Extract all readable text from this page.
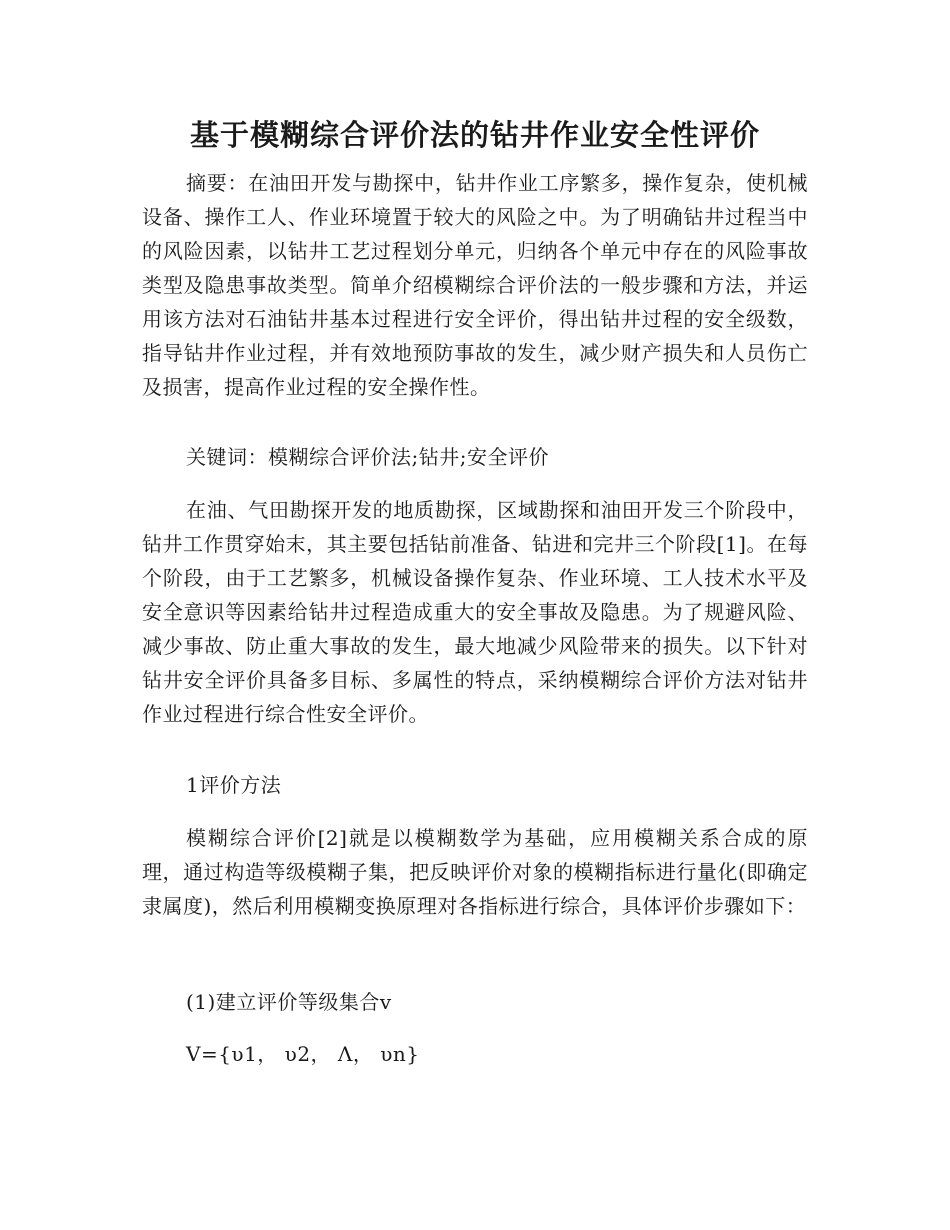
基于模糊综合评价法的钻井作业安全性评价

摘要：在油田开发与勘探中，钻井作业工序繁多，操作复杂，使机械设备、操作工人、作业环境置于较大的风险之中。为了明确钻井过程当中的风险因素，以钻井工艺过程划分单元，归纳各个单元中存在的风险事故类型及隐患事故类型。简单介绍模糊综合评价法的一般步骤和方法，并运用该方法对石油钻井基本过程进行安全评价，得出钻井过程的安全级数，指导钻井作业过程，并有效地预防事故的发生，减少财产损失和人员伤亡及损害，提高作业过程的安全操作性。

关键词：模糊综合评价法;钻井;安全评价

在油、气田勘探开发的地质勘探，区域勘探和油田开发三个阶段中，钻井工作贯穿始末，其主要包括钻前准备、钻进和完井三个阶段[1]。在每个阶段，由于工艺繁多，机械设备操作复杂、作业环境、工人技术水平及安全意识等因素给钻井过程造成重大的安全事故及隐患。为了规避风险、减少事故、防止重大事故的发生，最大地减少风险带来的损失。以下针对钻井安全评价具备多目标、多属性的特点，采纳模糊综合评价方法对钻井作业过程进行综合性安全评价。

1评价方法

模糊综合评价[2]就是以模糊数学为基础，应用模糊关系合成的原理，通过构造等级模糊子集，把反映评价对象的模糊指标进行量化(即确定隶属度)，然后利用模糊变换原理对各指标进行综合，具体评价步骤如下：

(1)建立评价等级集合v

V={υ1， υ2， Λ， υn}
